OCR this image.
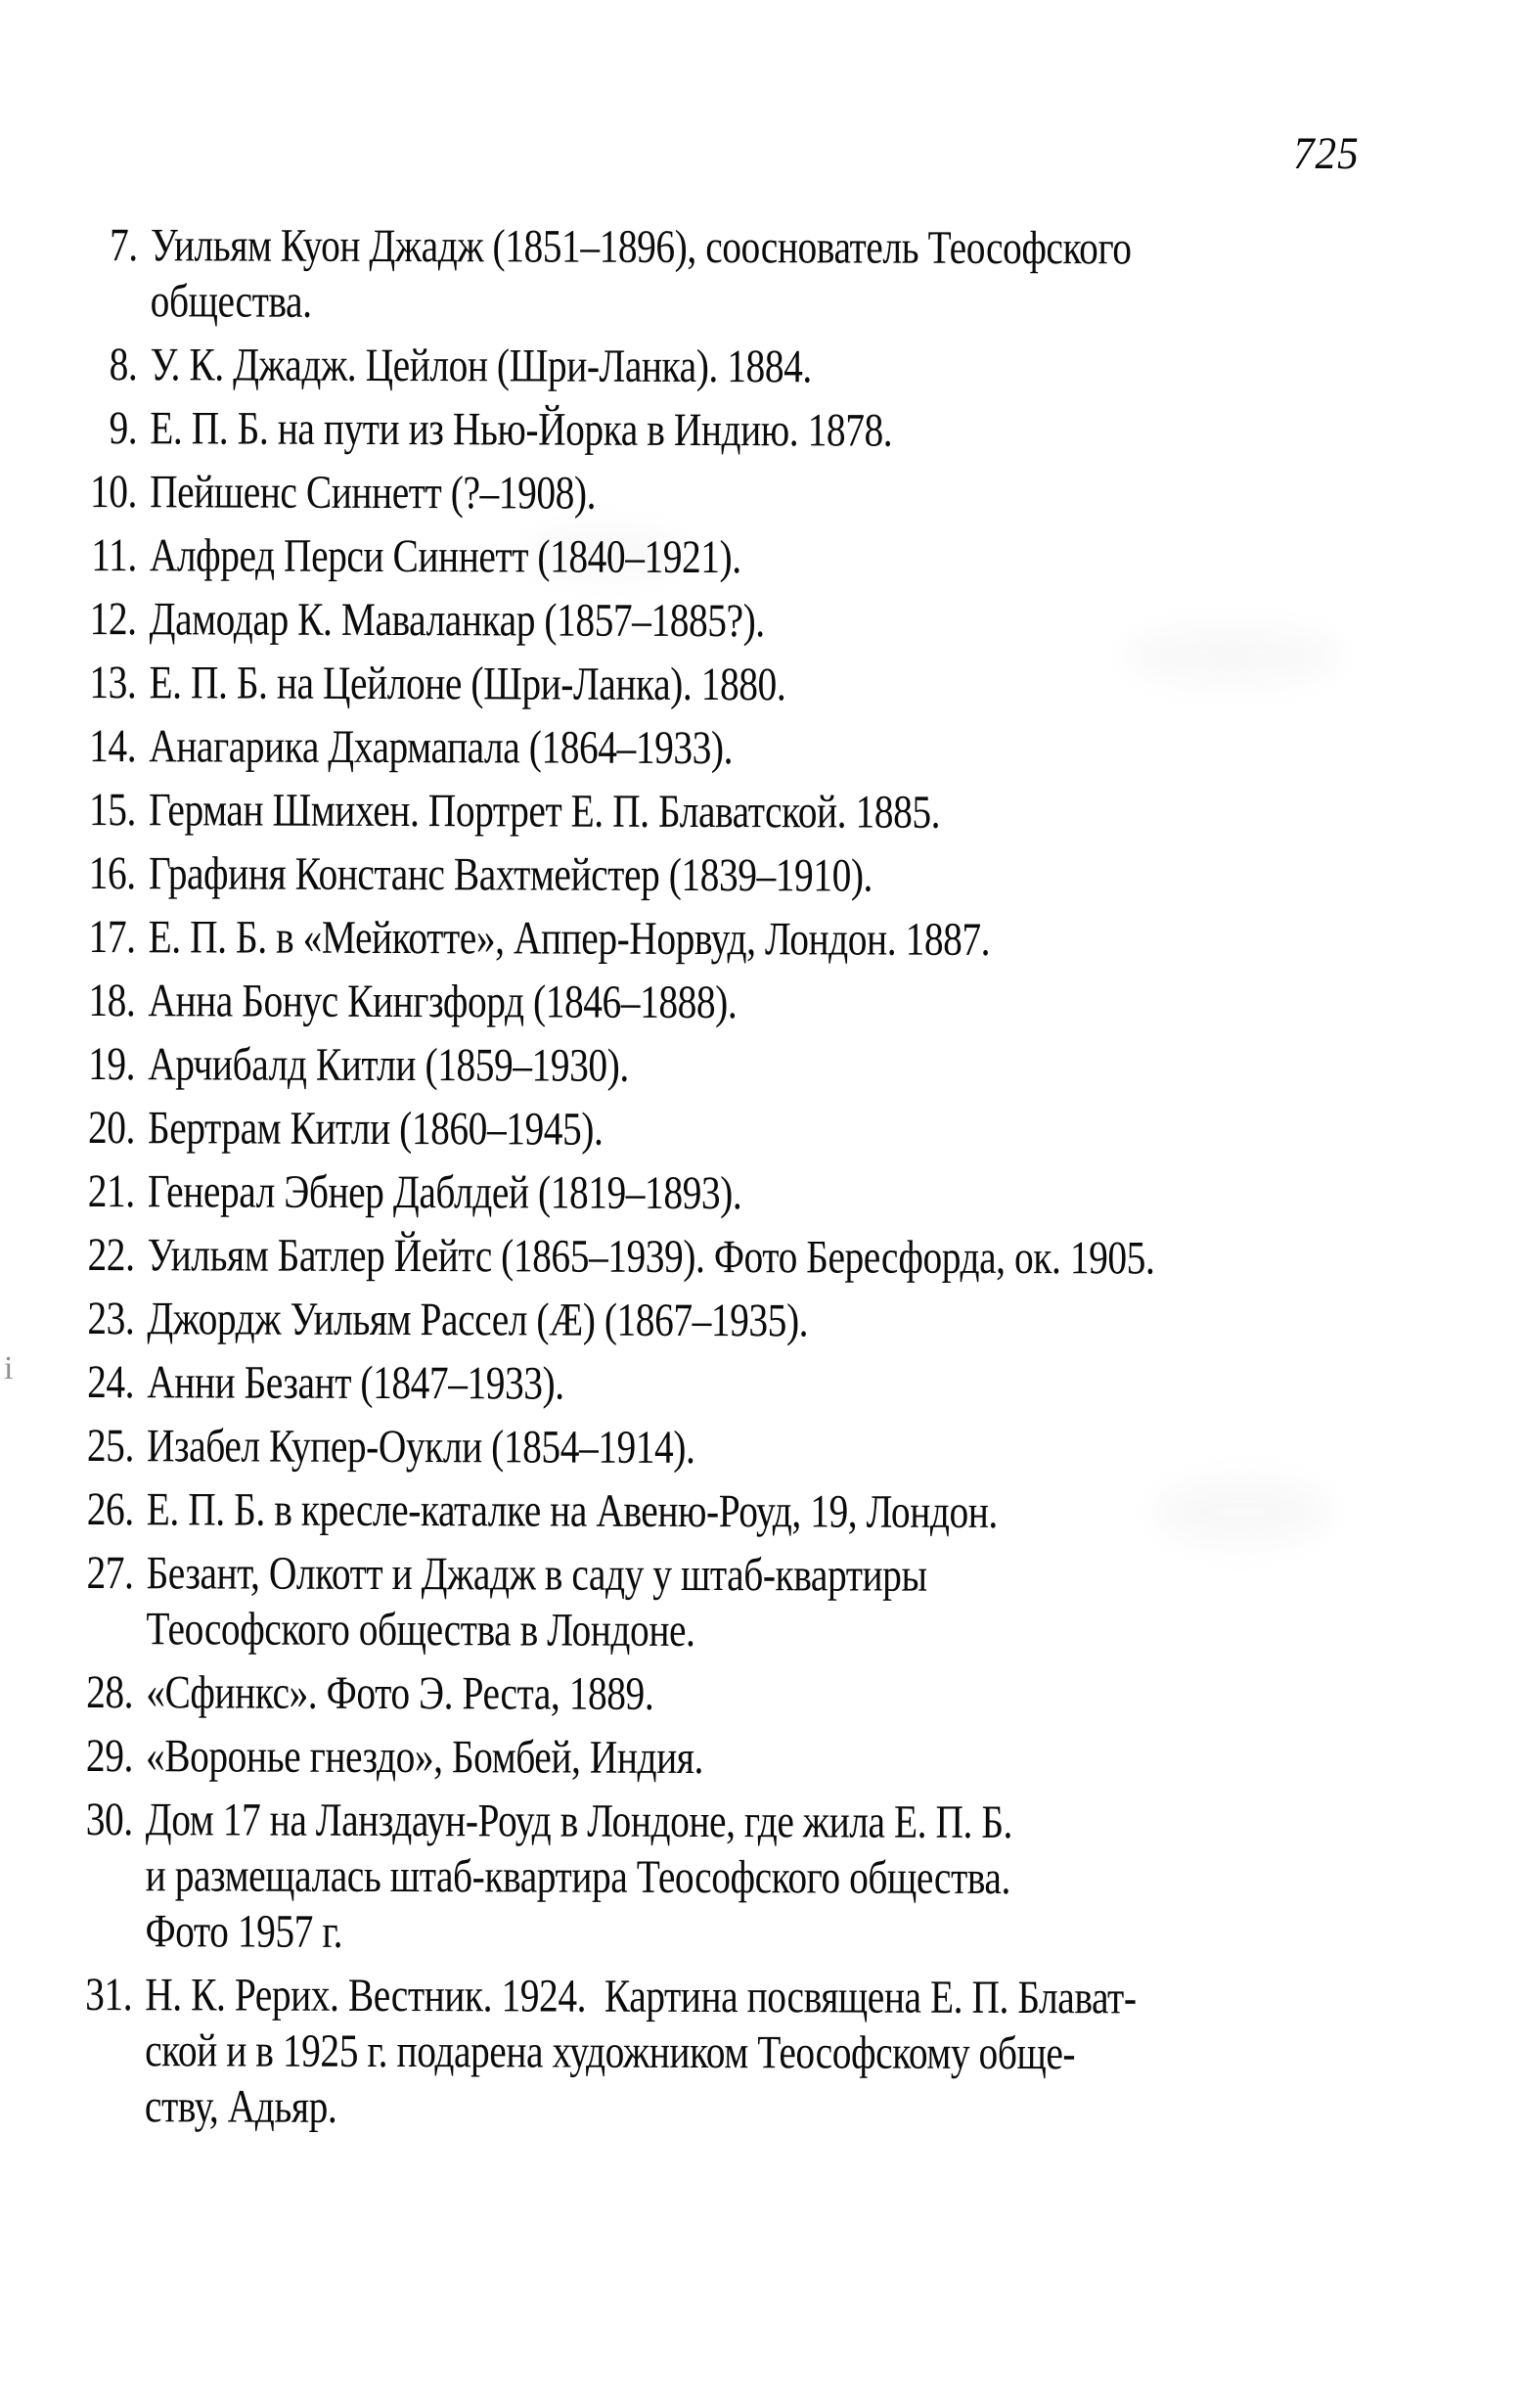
725
i
7. Уильям Куон Джадж (1851–1896), сооснователь Теософского
общества.
8. У. К. Джадж. Цейлон (Шри-Ланка). 1884.
9. Е. П. Б. на пути из Нью-Йорка в Индию. 1878.
10. Пейшенс Синнетт (?–1908).
11. Алфред Перси Синнетт (1840–1921).
12. Дамодар К. Маваланкар (1857–1885?).
13. Е. П. Б. на Цейлоне (Шри-Ланка). 1880.
14. Анагарика Дхармапала (1864–1933).
15. Герман Шмихен. Портрет Е. П. Блаватской. 1885.
16. Графиня Констанс Вахтмейстер (1839–1910).
17. Е. П. Б. в «Мейкотте», Аппер-Норвуд, Лондон. 1887.
18. Анна Бонус Кингзфорд (1846–1888).
19. Арчибалд Китли (1859–1930).
20. Бертрам Китли (1860–1945).
21. Генерал Эбнер Даблдей (1819–1893).
22. Уильям Батлер Йейтс (1865–1939). Фото Бересфорда, ок. 1905.
23. Джордж Уильям Рассел (Æ) (1867–1935).
24. Анни Безант (1847–1933).
25. Изабел Купер-Оукли (1854–1914).
26. Е. П. Б. в кресле-каталке на Авеню-Роуд, 19, Лондон.
27. Безант, Олкотт и Джадж в саду у штаб-квартиры
Теософского общества в Лондоне.
28. «Сфинкс». Фото Э. Реста, 1889.
29. «Воронье гнездо», Бомбей, Индия.
30. Дом 17 на Ланздаун-Роуд в Лондоне, где жила Е. П. Б.
и размещалась штаб-квартира Теософского общества.
Фото 1957 г.
31. Н. К. Рерих. Вестник. 1924.  Картина посвящена Е. П. Блават-
ской и в 1925 г. подарена художником Теософскому обще-
ству, Адьяр.
